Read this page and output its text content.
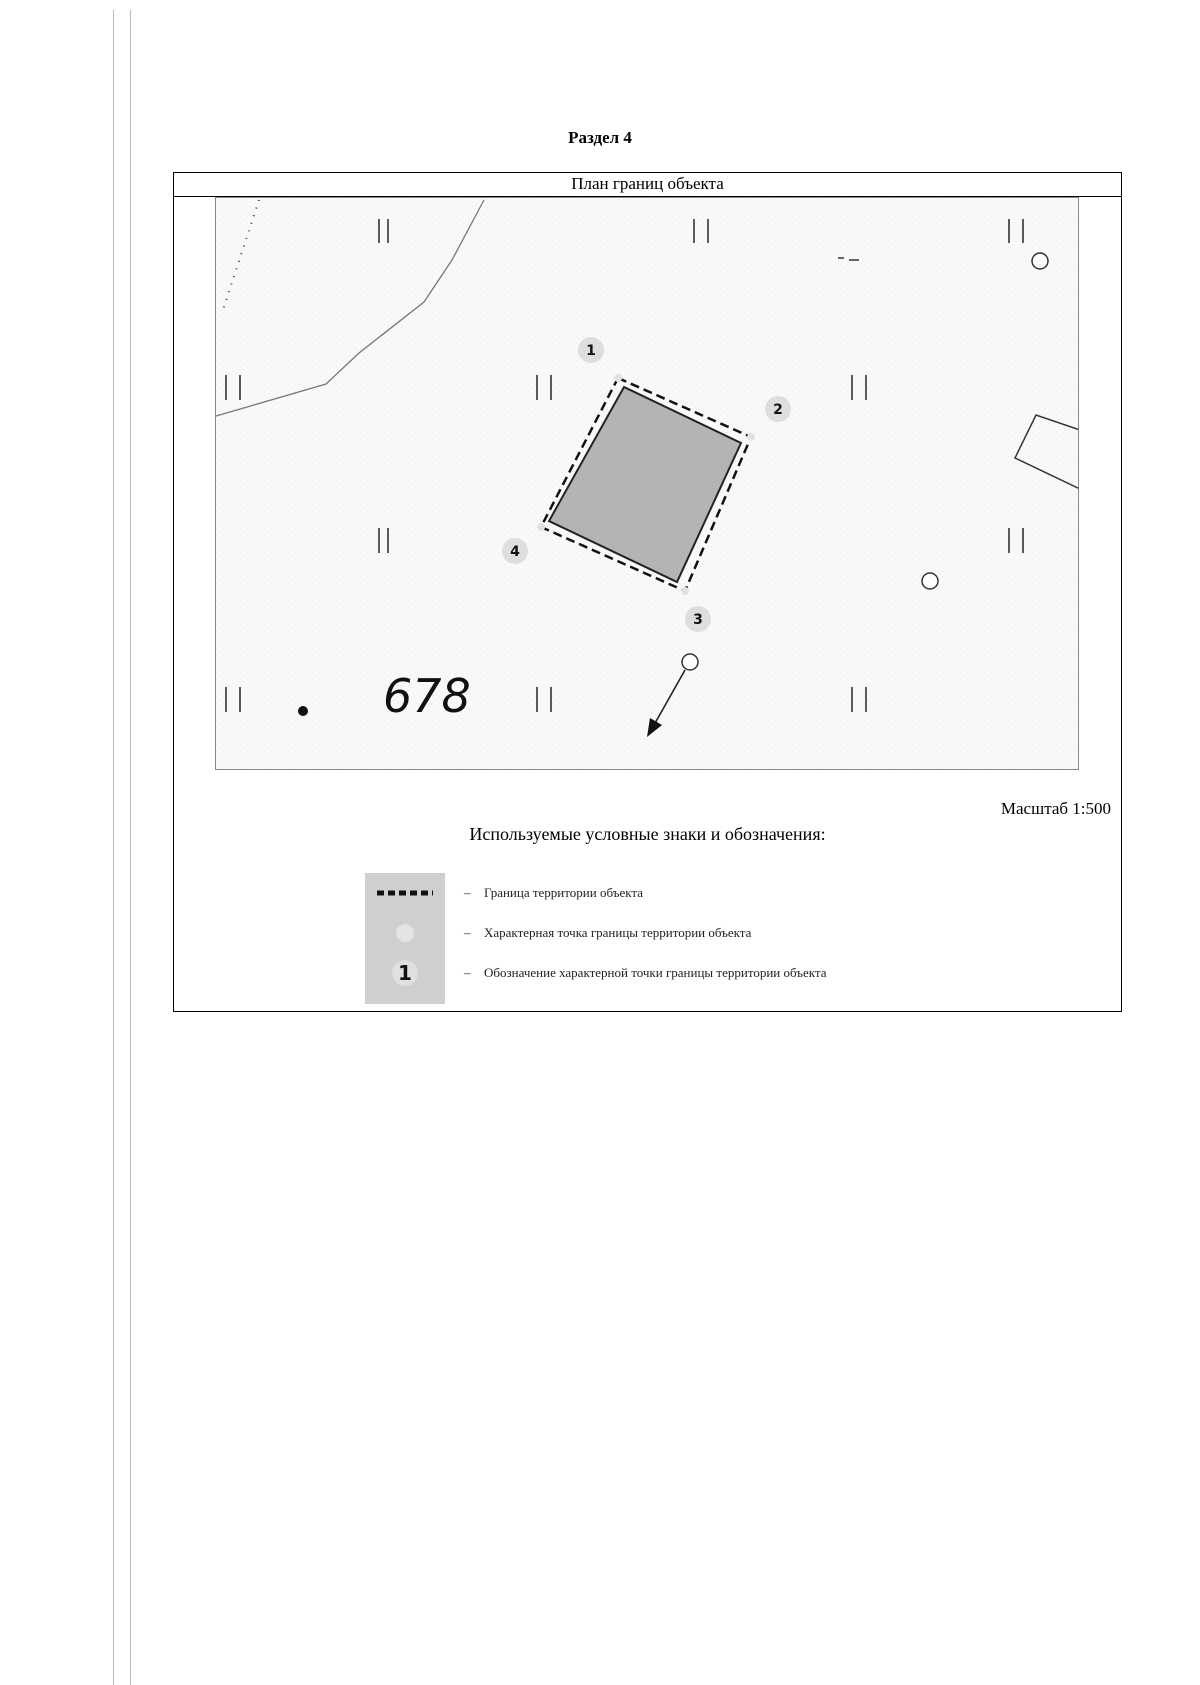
Раздел 4
План границ объекта
678
1
2
3
4
Масштаб 1:500
Используемые условные знаки и обозначения:
1
– Граница территории объекта
– Характерная точка границы территории объекта
– Обозначение характерной точки границы территории объекта
